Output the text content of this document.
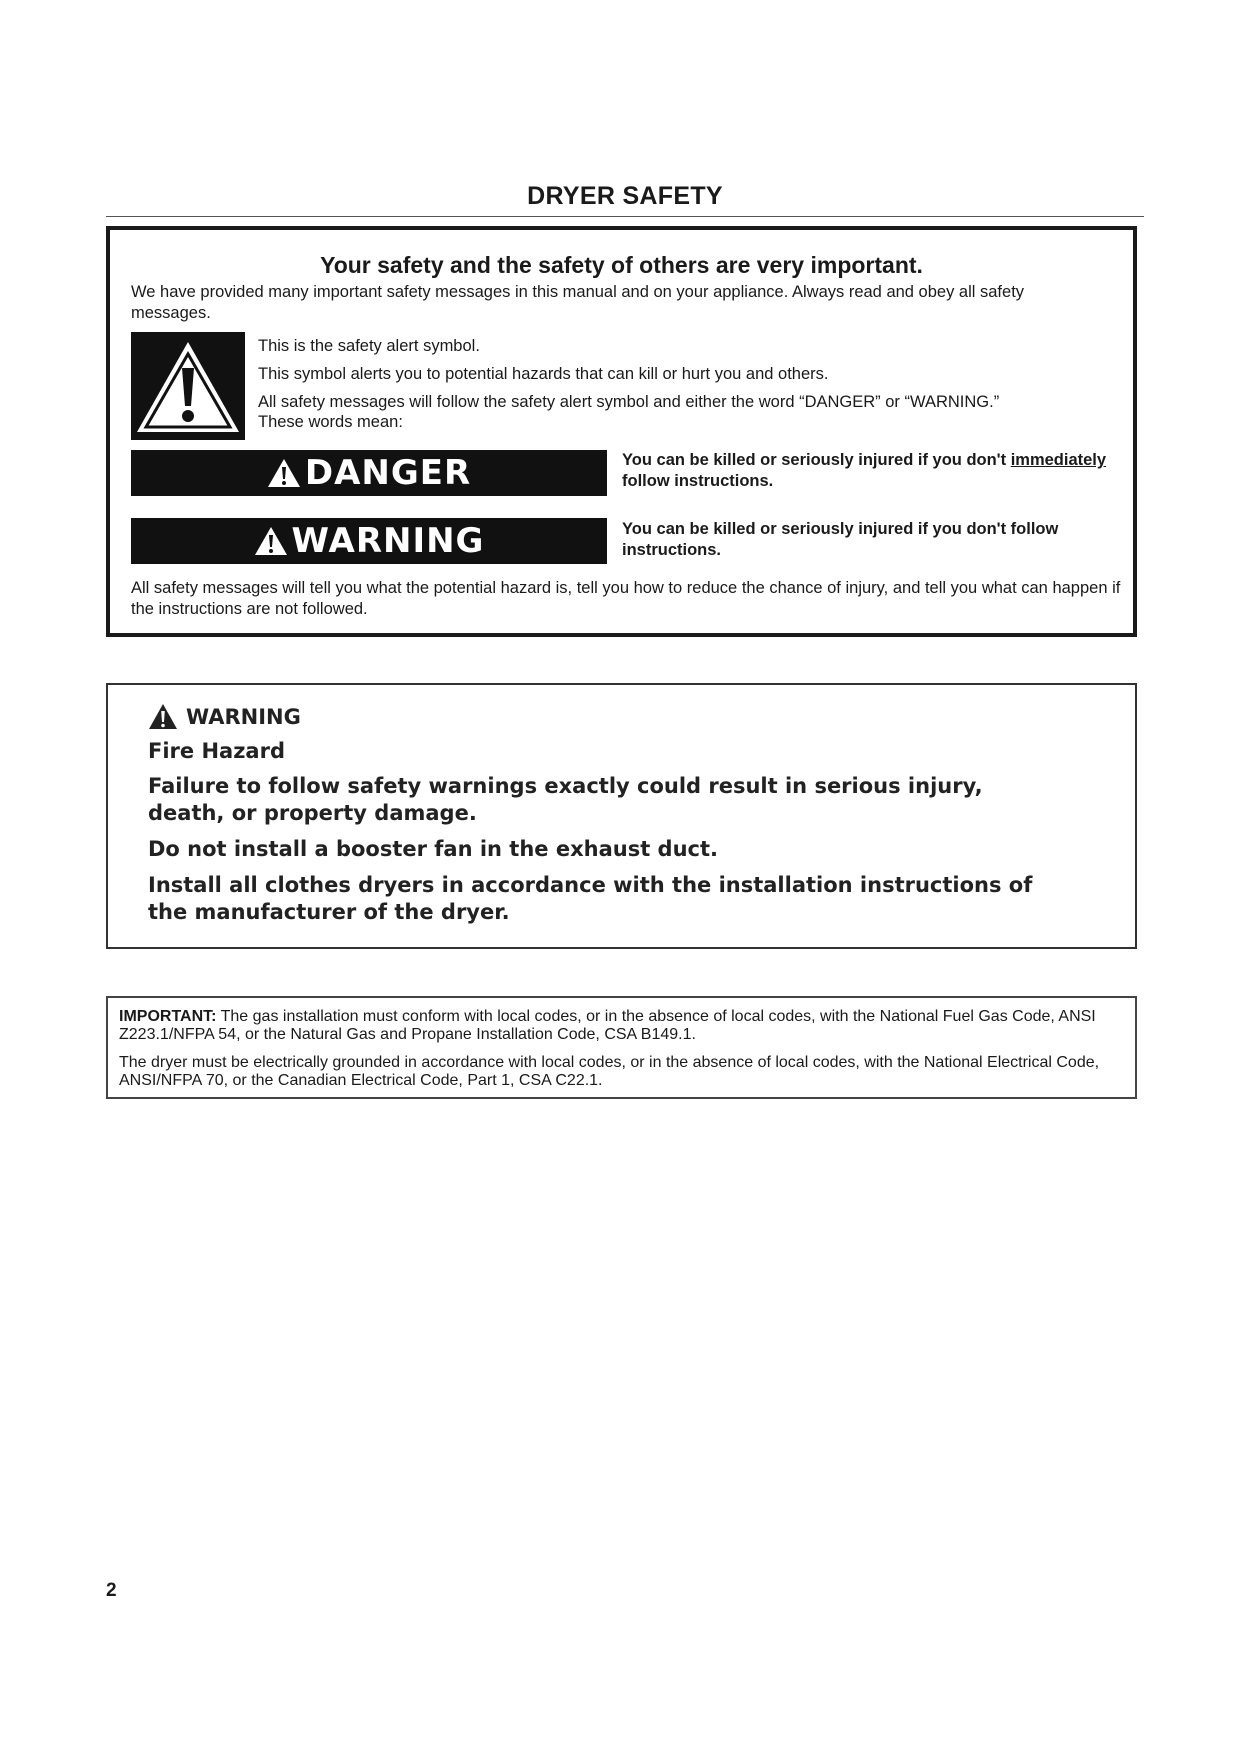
DRYER SAFETY
Your safety and the safety of others are very important.
We have provided many important safety messages in this manual and on your appliance. Always read and obey all safety messages.

This is the safety alert symbol.

This symbol alerts you to potential hazards that can kill or hurt you and others.

All safety messages will follow the safety alert symbol and either the word “DANGER” or “WARNING.”

These words mean:

DANGER	You can be killed or seriously injured if you don't immediately
follow instructions.
WARNING	You can be killed or seriously injured if you don't follow instructions.
All safety messages will tell you what the potential hazard is, tell you how to reduce the chance of injury, and tell you what can happen if the instructions are not followed.
WARNING
Fire Hazard
Failure to follow safety warnings exactly could result in serious injury, death, or property damage.
Do not install a booster fan in the exhaust duct.
Install all clothes dryers in accordance with the installation instructions of the manufacturer of the dryer.

IMPORTANT: The gas installation must conform with local codes, or in the absence of local codes, with the National Fuel Gas Code, ANSI Z223.1/NFPA 54, or the Natural Gas and Propane Installation Code, CSA B149.1.

The dryer must be electrically grounded in accordance with local codes, or in the absence of local codes, with the National Electrical Code, ANSI/NFPA 70, or the Canadian Electrical Code, Part 1, CSA C22.1.

2
